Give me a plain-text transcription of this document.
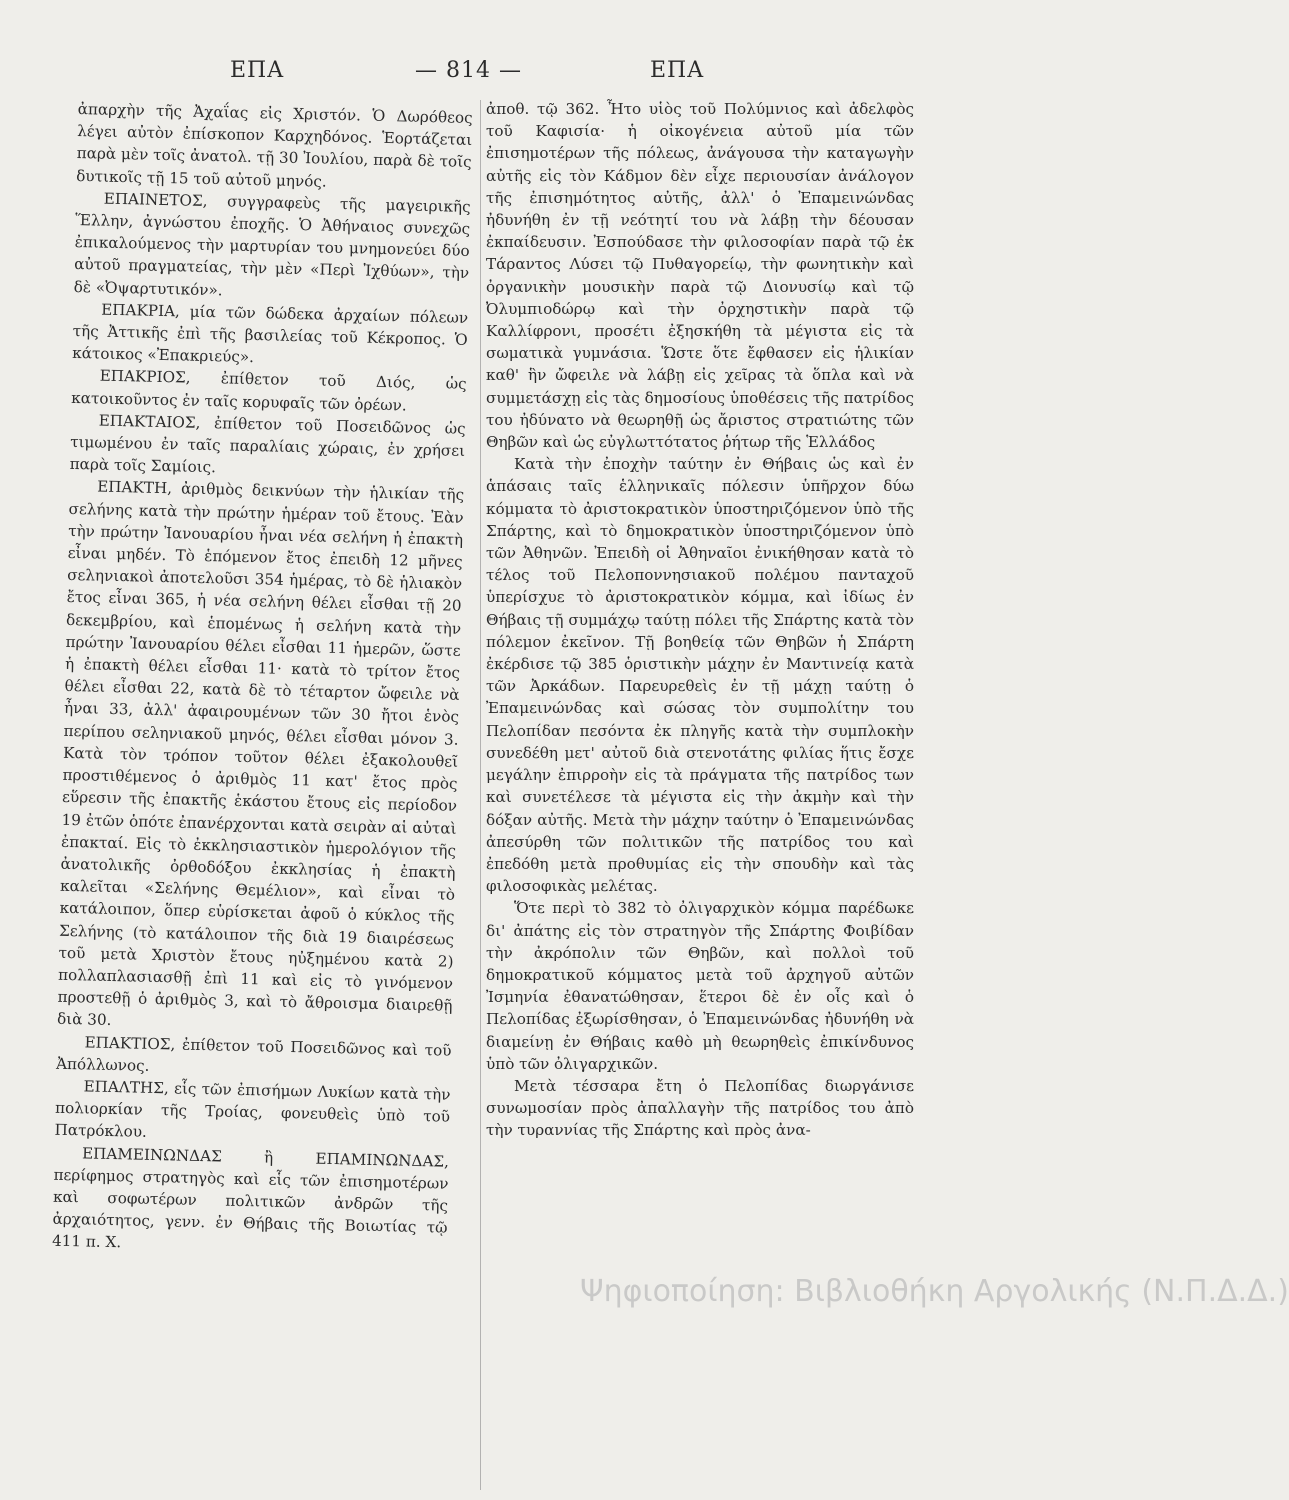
ΕΠΑ	— 814 —	ΕΠΑ

ἀπαρχὴν τῆς Ἀχαΐας εἰς Χριστόν. Ὁ Δωρόθεος λέγει αὐτὸν ἐπίσκοπον Καρχηδόνος. Ἑορτάζεται παρὰ μὲν τοῖς ἀνατολ. τῇ 30 Ἰουλίου, παρὰ δὲ τοῖς δυτικοῖς τῇ 15 τοῦ αὐτοῦ μηνός.

ΕΠΑΙΝΕΤΟΣ, συγγραφεὺς τῆς μαγειρικῆς Ἕλλην, ἀγνώστου ἐποχῆς. Ὁ Ἀθήναιος συνεχῶς ἐπικαλούμενος τὴν μαρτυρίαν του μνημονεύει δύο αὐτοῦ πραγματείας, τὴν μὲν «Περὶ Ἰχθύων», τὴν δὲ «Ὀψαρτυτικόν».

ΕΠΑΚΡΙΑ, μία τῶν δώδεκα ἀρχαίων πόλεων τῆς Ἀττικῆς ἐπὶ τῆς βασιλείας τοῦ Κέκροπος. Ὁ κάτοικος «Ἐπακριεύς».

ΕΠΑΚΡΙΟΣ, ἐπίθετον τοῦ Διός, ὡς κατοικοῦντος ἐν ταῖς κορυφαῖς τῶν ὀρέων.

ΕΠΑΚΤΑΙΟΣ, ἐπίθετον τοῦ Ποσειδῶνος ὡς τιμωμένου ἐν ταῖς παραλίαις χώραις, ἐν χρήσει παρὰ τοῖς Σαμίοις.

ΕΠΑΚΤΗ, ἀριθμὸς δεικνύων τὴν ἡλικίαν τῆς σελήνης κατὰ τὴν πρώτην ἡμέραν τοῦ ἔτους. Ἐὰν τὴν πρώτην Ἰανουαρίου ἦναι νέα σελήνη ἡ ἐπακτὴ εἶναι μηδέν. Τὸ ἑπόμενον ἔτος ἐπειδὴ 12 μῆνες σεληνιακοὶ ἀποτελοῦσι 354 ἡμέρας, τὸ δὲ ἡλιακὸν ἔτος εἶναι 365, ἡ νέα σελήνη θέλει εἶσθαι τῇ 20 δεκεμβρίου, καὶ ἑπομένως ἡ σελήνη κατὰ τὴν πρώτην Ἰανουαρίου θέλει εἶσθαι 11 ἡμερῶν, ὥστε ἡ ἐπακτὴ θέλει εἶσθαι 11· κατὰ τὸ τρίτον ἔτος θέλει εἶσθαι 22, κατὰ δὲ τὸ τέταρτον ὤφειλε νὰ ἦναι 33, ἀλλ' ἀφαιρουμένων τῶν 30 ἤτοι ἑνὸς περίπου σεληνιακοῦ μηνός, θέλει εἶσθαι μόνον 3. Κατὰ τὸν τρόπον τοῦτον θέλει ἐξακολουθεῖ προστιθέμενος ὁ ἀριθμὸς 11 κατ' ἔτος πρὸς εὕρεσιν τῆς ἐπακτῆς ἑκάστου ἔτους εἰς περίοδον 19 ἐτῶν ὁπότε ἐπανέρχονται κατὰ σειρὰν αἱ αὐταὶ ἐπακταί. Εἰς τὸ ἐκκλησιαστικὸν ἡμερολόγιον τῆς ἀνατολικῆς ὀρθοδόξου ἐκκλησίας ἡ ἐπακτὴ καλεῖται «Σελήνης Θεμέλιον», καὶ εἶναι τὸ κατάλοιπον, ὅπερ εὑρίσκεται ἀφοῦ ὁ κύκλος τῆς Σελήνης (τὸ κατάλοιπον τῆς διὰ 19 διαιρέσεως τοῦ μετὰ Χριστὸν ἔτους ηὐξημένου κατὰ 2) πολλαπλασιασθῇ ἐπὶ 11 καὶ εἰς τὸ γινόμενον προστεθῇ ὁ ἀριθμὸς 3, καὶ τὸ ἄθροισμα διαιρεθῇ διὰ 30.

ΕΠΑΚΤΙΟΣ, ἐπίθετον τοῦ Ποσειδῶνος καὶ τοῦ Ἀπόλλωνος.

ΕΠΑΛΤΗΣ, εἷς τῶν ἐπισήμων Λυκίων κατὰ τὴν πολιορκίαν τῆς Τροίας, φονευθεὶς ὑπὸ τοῦ Πατρόκλου.

ΕΠΑΜΕΙΝΩΝΔΑΣ ἢ ΕΠΑΜΙΝΩΝΔΑΣ, περίφημος στρατηγὸς καὶ εἷς τῶν ἐπισημοτέρων καὶ σοφωτέρων πολιτικῶν ἀνδρῶν τῆς ἀρχαιότητος, γενν. ἐν Θήβαις τῆς Βοιωτίας τῷ 411 π. Χ.

ἀποθ. τῷ 362. Ἦτο υἱὸς τοῦ Πολύμνιος καὶ ἀδελφὸς τοῦ Καφισία· ἡ οἰκογένεια αὐτοῦ μία τῶν ἐπισημοτέρων τῆς πόλεως, ἀνάγουσα τὴν καταγωγὴν αὐτῆς εἰς τὸν Κάδμον δὲν εἶχε περιουσίαν ἀνάλογον τῆς ἐπισημότητος αὐτῆς, ἀλλ' ὁ Ἐπαμεινώνδας ἠδυνήθη ἐν τῇ νεότητί του νὰ λάβῃ τὴν δέουσαν ἐκπαίδευσιν. Ἐσπούδασε τὴν φιλοσοφίαν παρὰ τῷ ἐκ Τάραντος Λύσει τῷ Πυθαγορείῳ, τὴν φωνητικὴν καὶ ὀργανικὴν μουσικὴν παρὰ τῷ Διονυσίῳ καὶ τῷ Ὀλυμπιοδώρῳ καὶ τὴν ὀρχηστικὴν παρὰ τῷ Καλλίφρονι, προσέτι ἐξησκήθη τὰ μέγιστα εἰς τὰ σωματικὰ γυμνάσια. Ὥστε ὅτε ἔφθασεν εἰς ἡλικίαν καθ' ἣν ὤφειλε νὰ λάβῃ εἰς χεῖρας τὰ ὅπλα καὶ νὰ συμμετάσχῃ εἰς τὰς δημοσίους ὑποθέσεις τῆς πατρίδος του ἠδύνατο νὰ θεωρηθῇ ὡς ἄριστος στρατιώτης τῶν Θηβῶν καὶ ὡς εὐγλωττότατος ῥήτωρ τῆς Ἑλλάδος

Κατὰ τὴν ἐποχὴν ταύτην ἐν Θήβαις ὡς καὶ ἐν ἁπάσαις ταῖς ἑλληνικαῖς πόλεσιν ὑπῆρχον δύω κόμματα τὸ ἀριστοκρατικὸν ὑποστηριζόμενον ὑπὸ τῆς Σπάρτης, καὶ τὸ δημοκρατικὸν ὑποστηριζόμενον ὑπὸ τῶν Ἀθηνῶν. Ἐπειδὴ οἱ Ἀθηναῖοι ἐνικήθησαν κατὰ τὸ τέλος τοῦ Πελοποννησιακοῦ πολέμου πανταχοῦ ὑπερίσχυε τὸ ἀριστοκρατικὸν κόμμα, καὶ ἰδίως ἐν Θήβαις τῇ συμμάχῳ ταύτῃ πόλει τῆς Σπάρτης κατὰ τὸν πόλεμον ἐκεῖνον. Τῇ βοηθείᾳ τῶν Θηβῶν ἡ Σπάρτη ἐκέρδισε τῷ 385 ὁριστικὴν μάχην ἐν Μαντινείᾳ κατὰ τῶν Ἀρκάδων. Παρευρεθεὶς ἐν τῇ μάχῃ ταύτῃ ὁ Ἐπαμεινώνδας καὶ σώσας τὸν συμπολίτην του Πελοπίδαν πεσόντα ἐκ πληγῆς κατὰ τὴν συμπλοκὴν συνεδέθη μετ' αὐτοῦ διὰ στενοτάτης φιλίας ἥτις ἔσχε μεγάλην ἐπιρροὴν εἰς τὰ πράγματα τῆς πατρίδος των καὶ συνετέλεσε τὰ μέγιστα εἰς τὴν ἀκμὴν καὶ τὴν δόξαν αὐτῆς. Μετὰ τὴν μάχην ταύτην ὁ Ἐπαμεινώνδας ἀπεσύρθη τῶν πολιτικῶν τῆς πατρίδος του καὶ ἐπεδόθη μετὰ προθυμίας εἰς τὴν σπουδὴν καὶ τὰς φιλοσοφικὰς μελέτας.

Ὅτε περὶ τὸ 382 τὸ ὀλιγαρχικὸν κόμμα παρέδωκε δι' ἀπάτης εἰς τὸν στρατηγὸν τῆς Σπάρτης Φοιβίδαν τὴν ἀκρόπολιν τῶν Θηβῶν, καὶ πολλοὶ τοῦ δημοκρατικοῦ κόμματος μετὰ τοῦ ἀρχηγοῦ αὐτῶν Ἰσμηνία ἐθανατώθησαν, ἕτεροι δὲ ἐν οἷς καὶ ὁ Πελοπίδας ἐξωρίσθησαν, ὁ Ἐπαμεινώνδας ἠδυνήθη νὰ διαμείνῃ ἐν Θήβαις καθὸ μὴ θεωρηθεὶς ἐπικίνδυνος ὑπὸ τῶν ὀλιγαρχικῶν.

Μετὰ τέσσαρα ἔτη ὁ Πελοπίδας διωργάνισε συνωμοσίαν πρὸς ἀπαλλαγὴν τῆς πατρίδος του ἀπὸ τὴν τυραννίας τῆς Σπάρτης καὶ πρὸς ἀνα-

Ψηφιοποίηση: Βιβλιοθήκη Αργολικής (Ν.Π.Δ.Δ.)
